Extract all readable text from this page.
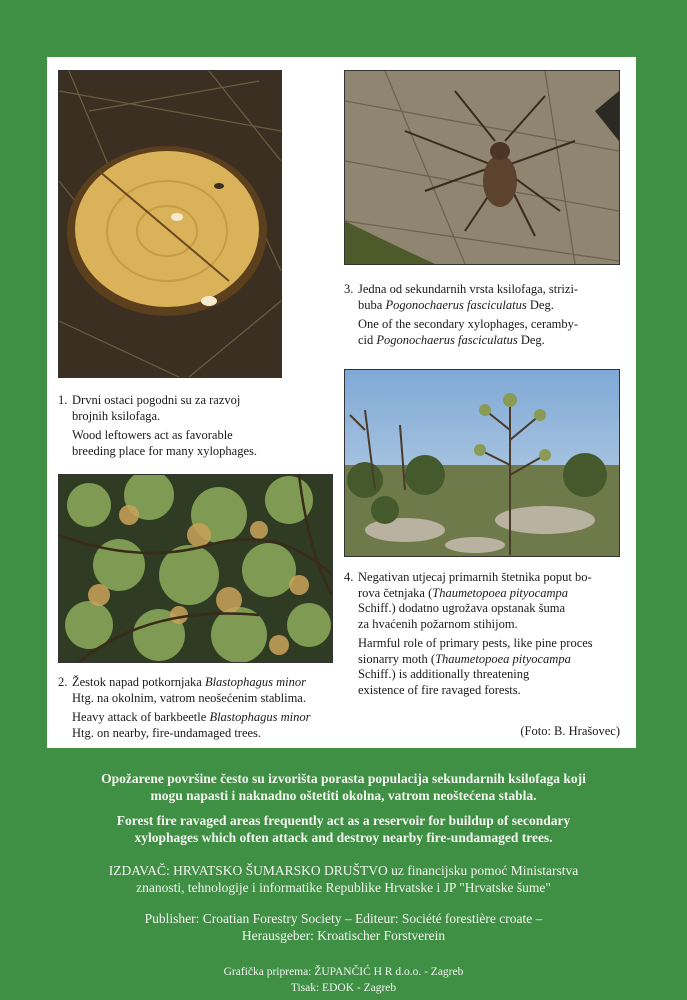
1. Drvni ostaci pogodni su za razvoj

brojnih ksilofaga.

Wood leftowers act as favorable

breeding place for many xylophages.

2. Žestok napad potkornjaka Blastophagus minor

Htg. na okolnim, vatrom neošećenim stablima.

Heavy attack of barkbeetle Blastophagus minor

Htg. on nearby, fire-undamaged trees.

3. Jedna od sekundarnih vrsta ksilofaga, strizi-

buba Pogonochaerus fasciculatus Deg.

One of the secondary xylophages, ceramby-

cid Pogonochaerus fasciculatus Deg.

4. Negativan utjecaj primarnih štetnika poput bo-

rova četnjaka (Thaumetopoea pityocampa

Schiff.) dodatno ugrožava opstanak šuma

za hvaćenih požarnom stihijom.

Harmful role of primary pests, like pine proces

sionarry moth (Thaumetopoea pityocampa

Schiff.) is additionally threatening

existence of fire ravaged forests.

(Foto: B. Hrašovec)
Opožarene površine često su izvorišta porasta populacija sekundarnih ksilofaga koji
mogu napasti i naknadno oštetiti okolna, vatrom neoštećena stabla.
Forest fire ravaged areas frequently act as a reservoir for buildup of secondary
xylophages which often attack and destroy nearby fire-undamaged trees.
IZDAVAČ: HRVATSKO ŠUMARSKO DRUŠTVO uz financijsku pomoć Ministarstva
znanosti, tehnologije i informatike Republike Hrvatske i JP "Hrvatske šume"
Publisher: Croatian Forestry Society – Editeur: Société forestière croate –
Herausgeber: Kroatischer Forstverein
Grafička priprema: ŽUPANČIĆ H R d.o.o. - Zagreb
Tisak: EDOK - Zagreb
